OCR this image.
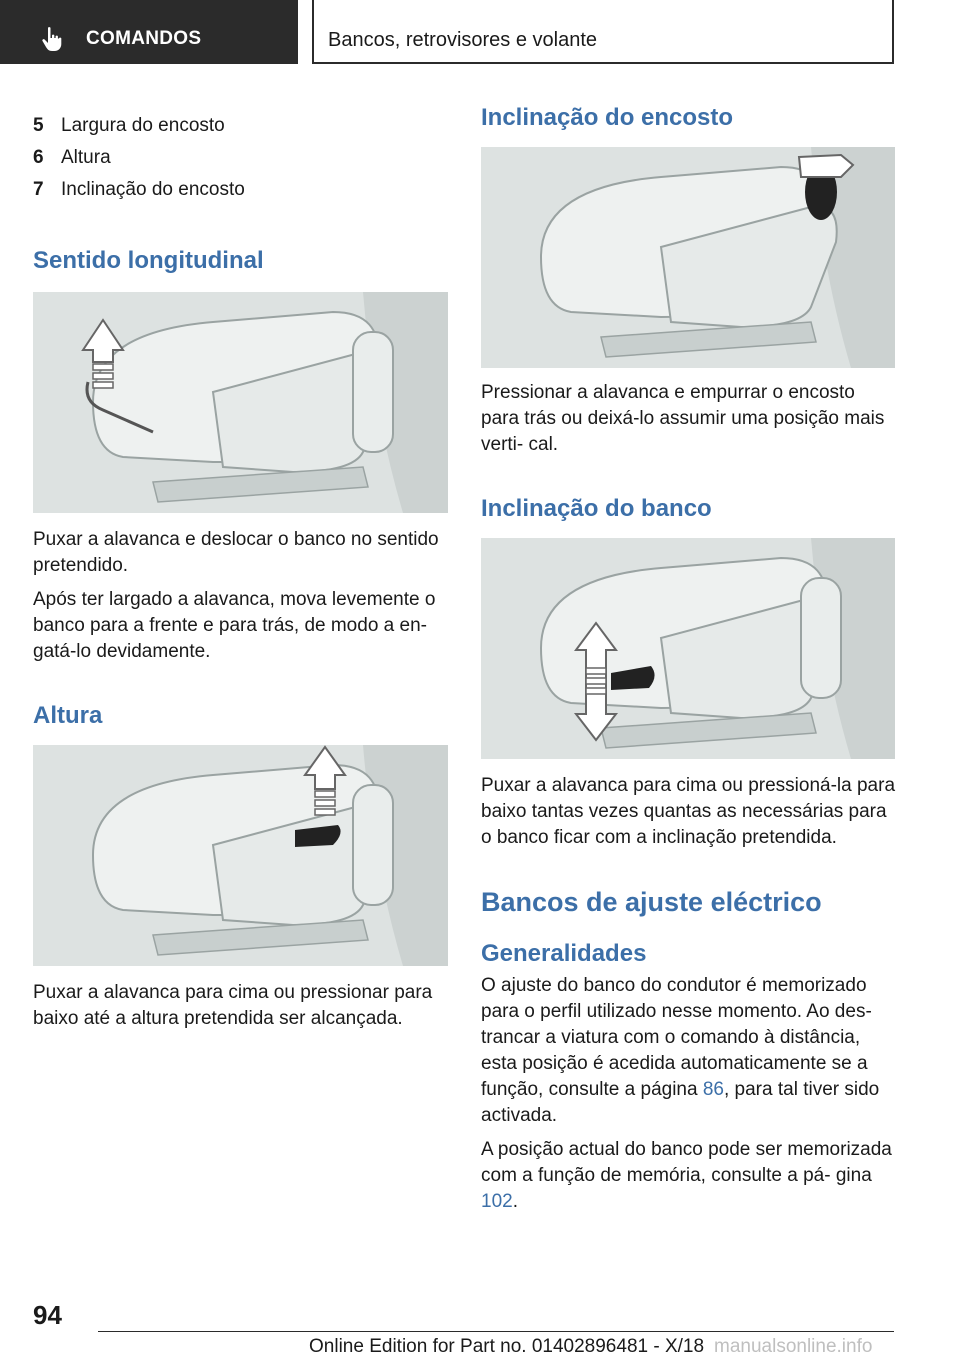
COMANDOS	Bancos, retrovisores e volante
5 Largura do encosto
6 Altura
7 Inclinação do encosto
Sentido longitudinal

Puxar a alavanca e deslocar o banco no sentido pretendido.

Após ter largado a alavanca, mova levemente o banco para a frente e para trás, de modo a en‐ gatá-lo devidamente.

Altura

Puxar a alavanca para cima ou pressionar para baixo até a altura pretendida ser alcançada.

Inclinação do encosto

Pressionar a alavanca e empurrar o encosto para trás ou deixá-lo assumir uma posição mais verti‐ cal.

Inclinação do banco

Puxar a alavanca para cima ou pressioná-la para baixo tantas vezes quantas as necessárias para o banco ficar com a inclinação pretendida.

Bancos de ajuste eléctrico
Generalidades

O ajuste do banco do condutor é memorizado para o perfil utilizado nesse momento. Ao des‐ trancar a viatura com o comando à distância, esta posição é acedida automaticamente se a função, consulte a página 86, para tal tiver sido activada.

A posição actual do banco pode ser memorizada com a função de memória, consulte a pá‐ gina 102.

94
Online Edition for Part no. 01402896481 - X/18 manualsonline.info
